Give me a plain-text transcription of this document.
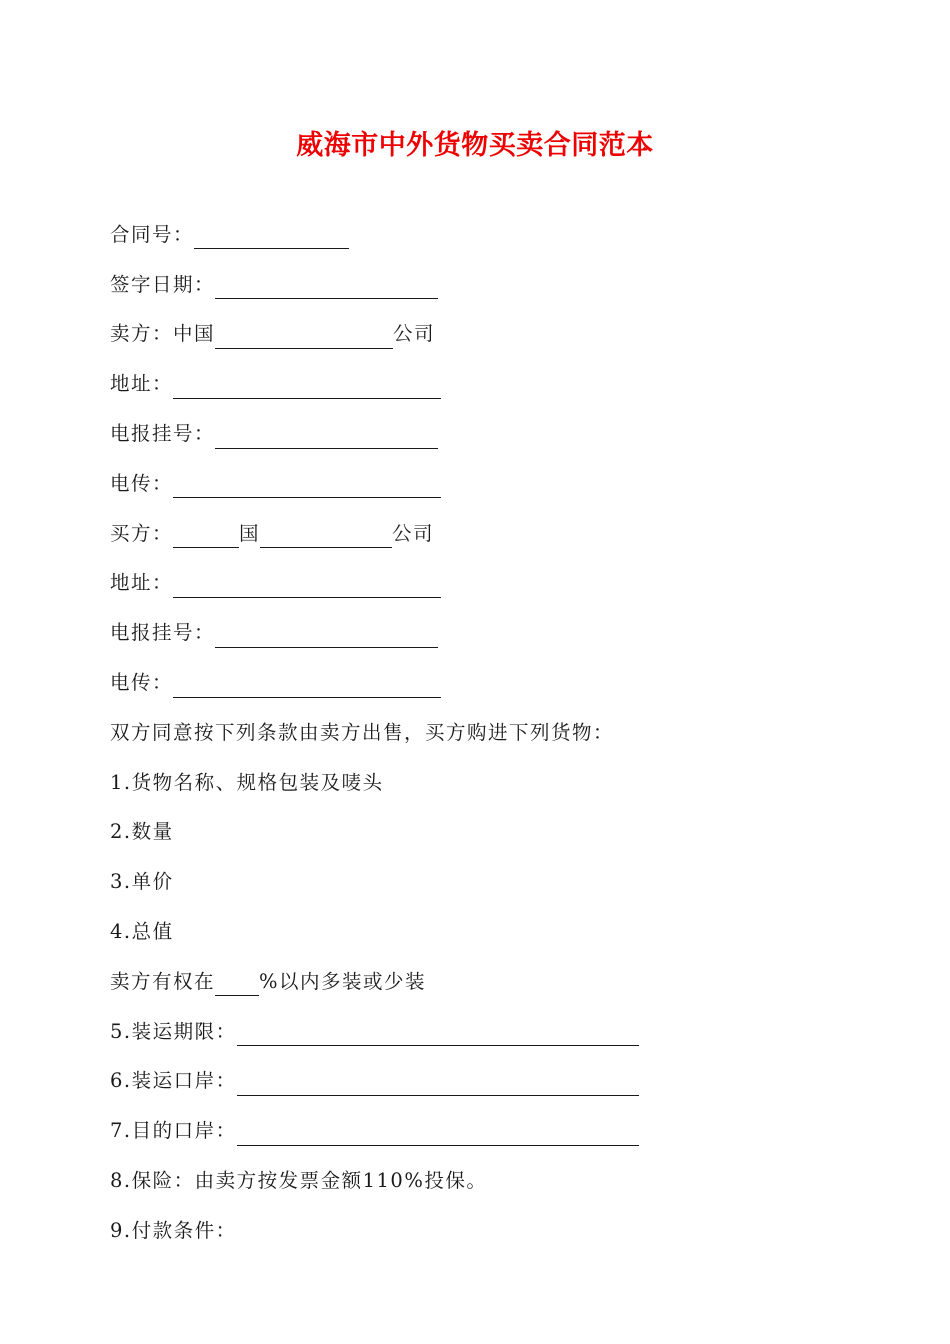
威海市中外货物买卖合同范本
合同号：
签字日期：
卖方：中国	公司
地址：
电报挂号：
电传：
买方：	国	公司
地址：
电报挂号：
电传：
双方同意按下列条款由卖方出售，买方购进下列货物：
1.货物名称、规格包装及唛头
2.数量
3.单价
4.总值
卖方有权在 %以内多装或少装
5.装运期限：
6.装运口岸：
7.目的口岸：
8.保险：由卖方按发票金额110%投保。
9.付款条件：
